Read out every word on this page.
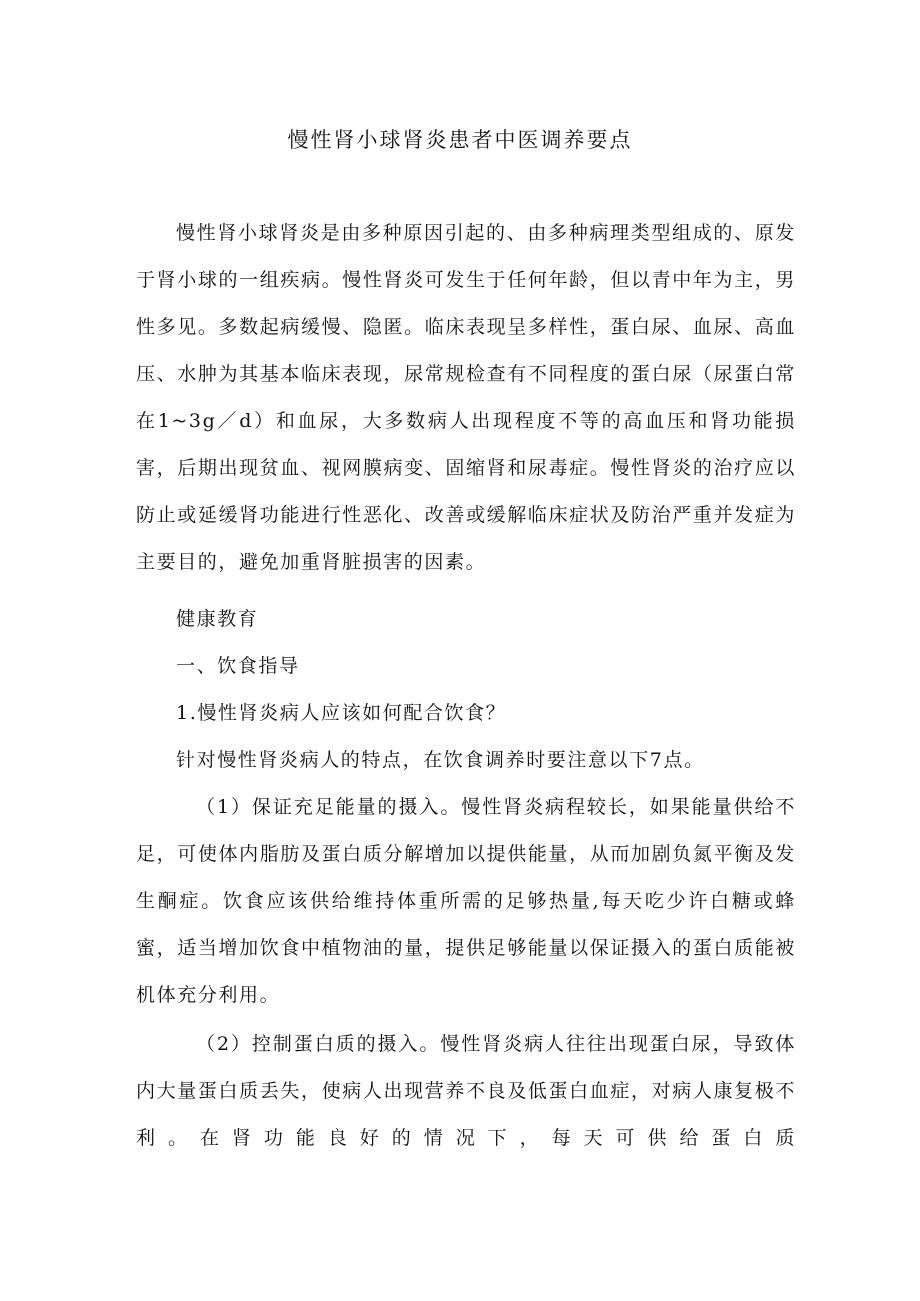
慢性肾小球肾炎患者中医调养要点

慢性肾小球肾炎是由多种原因引起的、由多种病理类型组成的、原发于肾小球的一组疾病。慢性肾炎可发生于任何年龄，但以青中年为主，男性多见。多数起病缓慢、隐匿。临床表现呈多样性，蛋白尿、血尿、高血压、水肿为其基本临床表现，尿常规检查有不同程度的蛋白尿（尿蛋白常在1~3g／d）和血尿，大多数病人出现程度不等的高血压和肾功能损害，后期出现贫血、视网膜病变、固缩肾和尿毒症。慢性肾炎的治疗应以防止或延缓肾功能进行性恶化、改善或缓解临床症状及防治严重并发症为主要目的，避免加重肾脏损害的因素。

健康教育

一、饮食指导

1.慢性肾炎病人应该如何配合饮食？

针对慢性肾炎病人的特点，在饮食调养时要注意以下7点。

（1）保证充足能量的摄入。慢性肾炎病程较长，如果能量供给不足，可使体内脂肪及蛋白质分解增加以提供能量，从而加剧负氮平衡及发生酮症。饮食应该供给维持体重所需的足够热量,每天吃少许白糖或蜂蜜，适当增加饮食中植物油的量，提供足够能量以保证摄入的蛋白质能被机体充分利用。

（2）控制蛋白质的摄入。慢性肾炎病人往往出现蛋白尿，导致体内大量蛋白质丢失，使病人出现营养不良及低蛋白血症，对病人康复极不利。在肾功能良好的情况下，每天可供给蛋白质
